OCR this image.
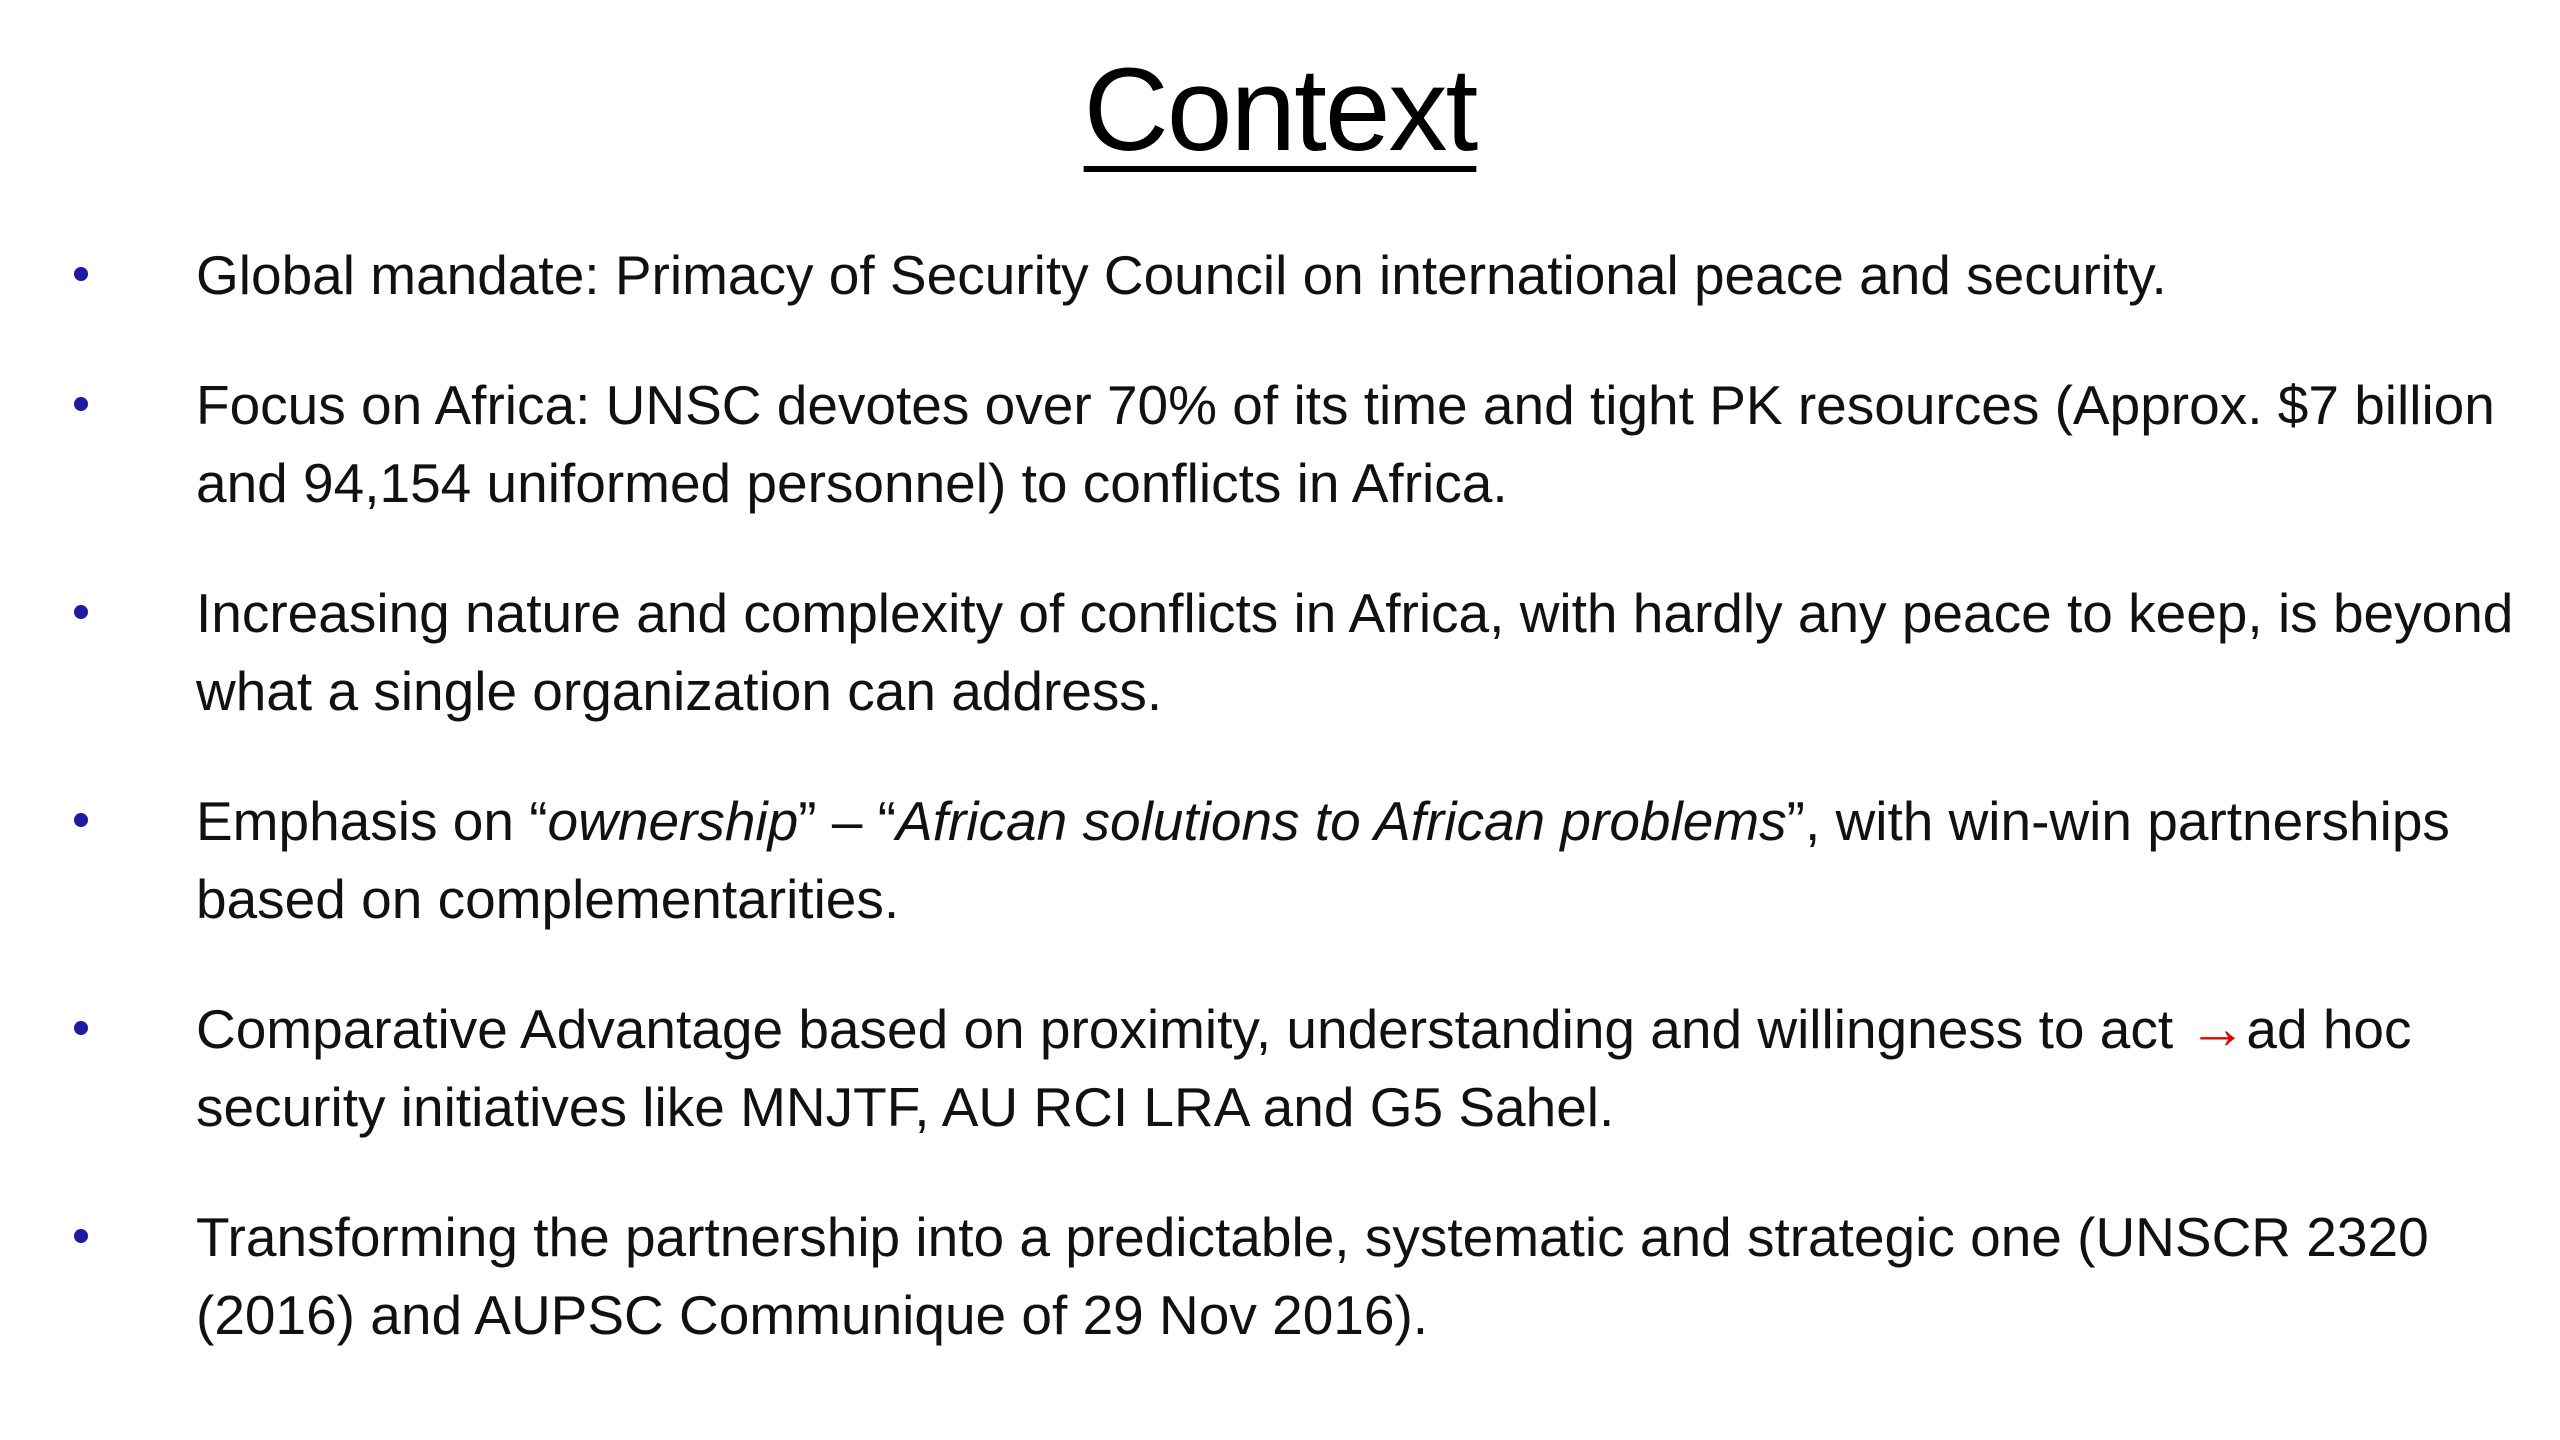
Context
Global mandate: Primacy of Security Council on international peace and security.
Focus on Africa: UNSC devotes over 70% of its time and tight PK resources (Approx. $7 billion and 94,154 uniformed personnel) to conflicts in Africa.
Increasing nature and complexity of conflicts in Africa, with hardly any peace to keep, is beyond what a single organization can address.
Emphasis on “ownership” – “African solutions to African problems”, with win-win partnerships based on complementarities.
Comparative Advantage based on proximity, understanding and willingness to act →ad hoc security initiatives like MNJTF, AU RCI LRA and G5 Sahel.
Transforming the partnership into a predictable, systematic and strategic one (UNSCR 2320 (2016) and AUPSC Communique of 29 Nov 2016).
